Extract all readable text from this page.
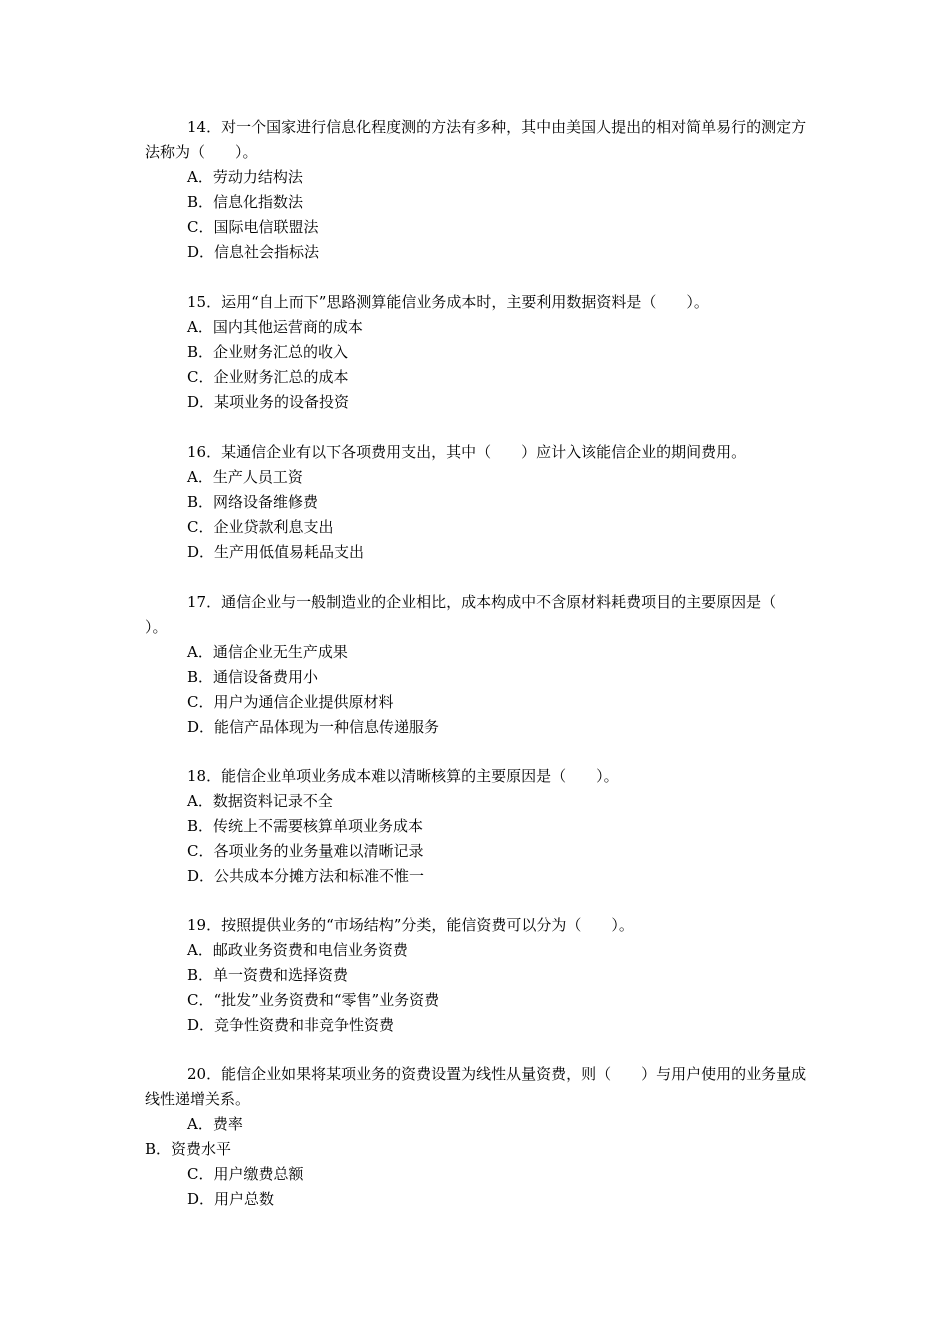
14．对一个国家进行信息化程度测的方法有多种，其中由美国人提出的相对简单易行的测定方法称为（　　）。

A．劳动力结构法
B．信息化指数法
C．国际电信联盟法
D．信息社会指标法

15．运用“自上而下”思路测算能信业务成本时，主要利用数据资料是（　　）。

A．国内其他运营商的成本
B．企业财务汇总的收入
C．企业财务汇总的成本
D．某项业务的设备投资

16．某通信企业有以下各项费用支出，其中（　　）应计入该能信企业的期间费用。

A．生产人员工资
B．网络设备维修费
C．企业贷款利息支出
D．生产用低值易耗品支出

17．通信企业与一般制造业的企业相比，成本构成中不含原材料耗费项目的主要原因是（　　）。

A．通信企业无生产成果
B．通信设备费用小
C．用户为通信企业提供原材料
D．能信产品体现为一种信息传递服务

18．能信企业单项业务成本难以清晰核算的主要原因是（　　）。

A．数据资料记录不全
B．传统上不需要核算单项业务成本
C．各项业务的业务量难以清晰记录
D．公共成本分摊方法和标准不惟一

19．按照提供业务的“市场结构”分类，能信资费可以分为（　　）。

A．邮政业务资费和电信业务资费
B．单一资费和选择资费
C．“批发”业务资费和“零售”业务资费
D．竞争性资费和非竞争性资费

20．能信企业如果将某项业务的资费设置为线性从量资费，则（　　）与用户使用的业务量成线性递增关系。

A．费率
B．资费水平
C．用户缴费总额
D．用户总数
